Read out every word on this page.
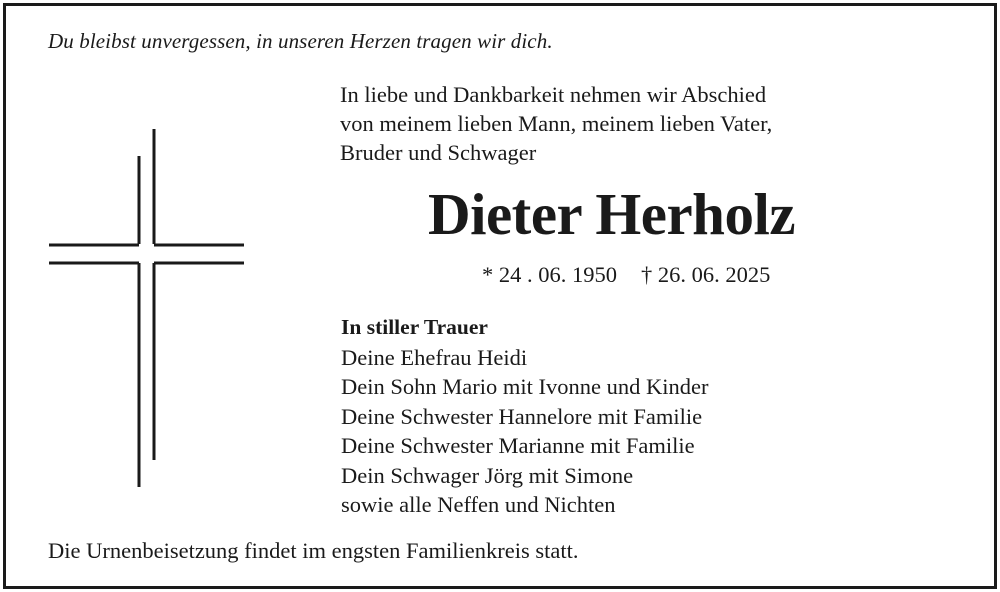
Du bleibst unvergessen, in unseren Herzen tragen wir dich.
In liebe und Dankbarkeit nehmen wir Abschied
von meinem lieben Mann, meinem lieben Vater,
Bruder und Schwager
Dieter Herholz
* 24 . 06. 1950 † 26. 06. 2025
In stiller Trauer
Deine Ehefrau Heidi
Dein Sohn Mario mit Ivonne und Kinder
Deine Schwester Hannelore mit Familie
Deine Schwester Marianne mit Familie
Dein Schwager Jörg mit Simone
sowie alle Neffen und Nichten
Die Urnenbeisetzung findet im engsten Familienkreis statt.
